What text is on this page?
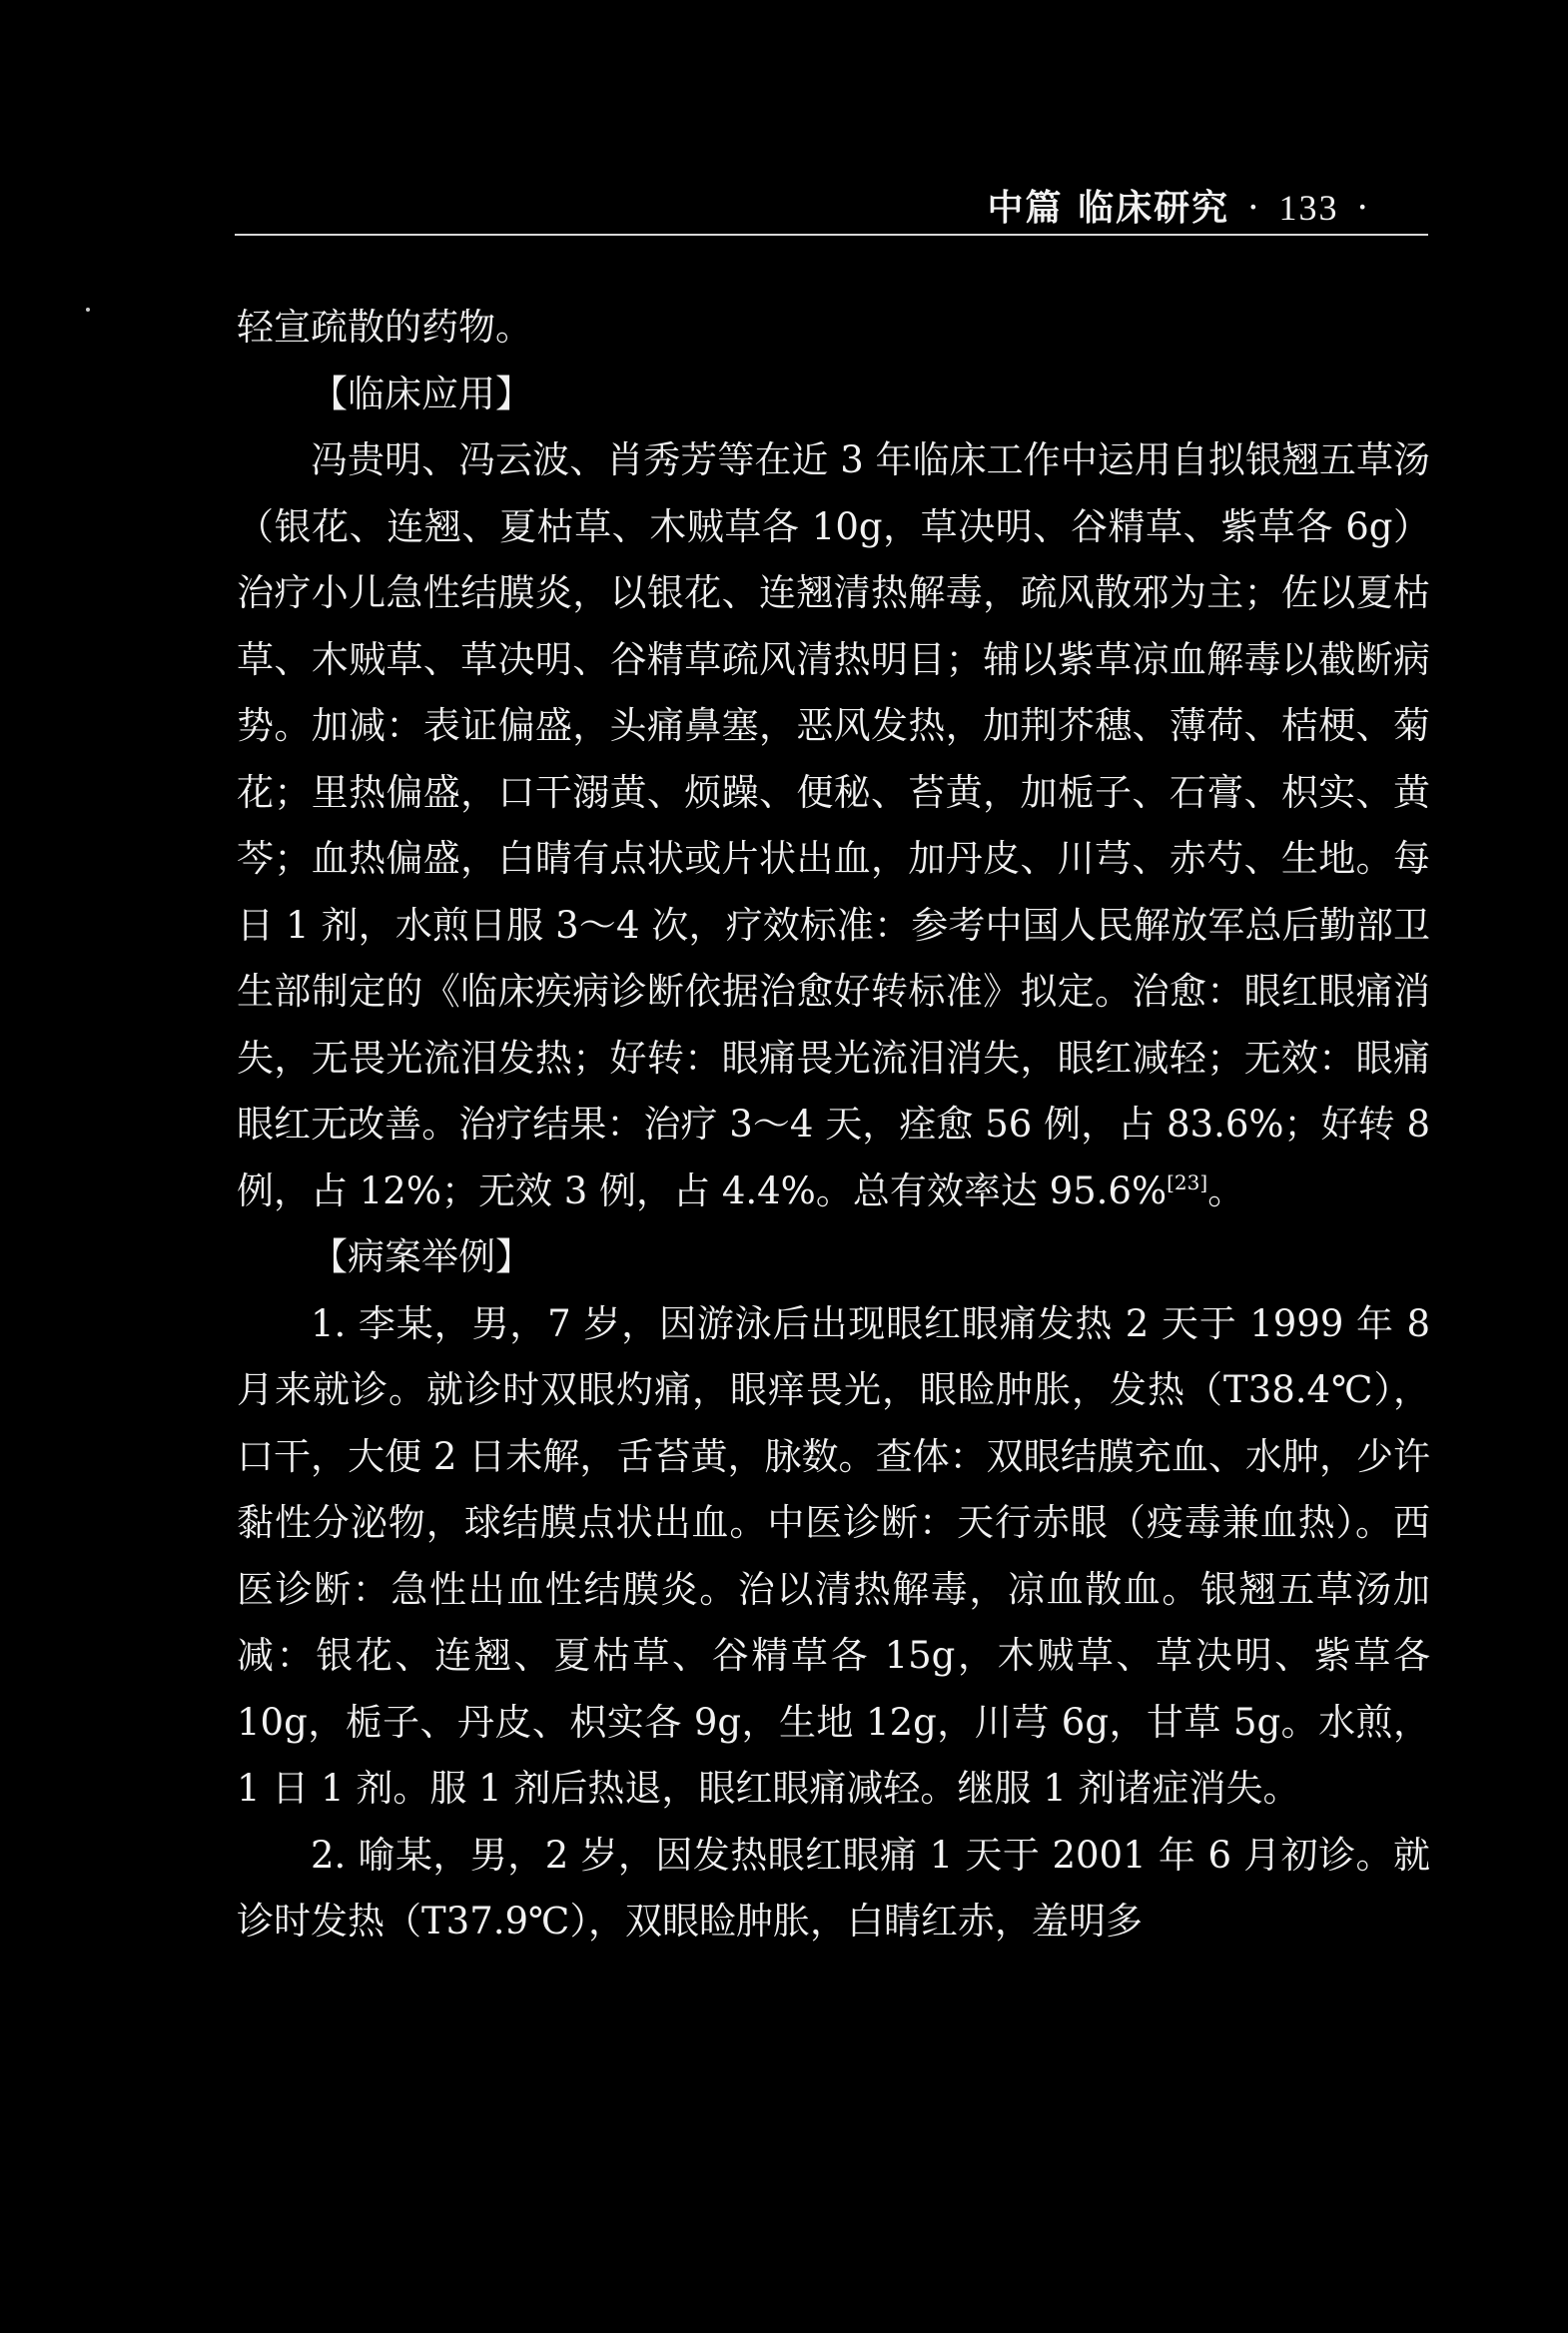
中篇 临床研究 · 133 ·

轻宣疏散的药物。

【临床应用】

冯贵明、冯云波、肖秀芳等在近 3 年临床工作中运用自拟银翘五草汤（银花、连翘、夏枯草、木贼草各 10g，草决明、谷精草、紫草各 6g）治疗小儿急性结膜炎，以银花、连翘清热解毒，疏风散邪为主；佐以夏枯草、木贼草、草决明、谷精草疏风清热明目；辅以紫草凉血解毒以截断病势。加减：表证偏盛，头痛鼻塞，恶风发热，加荆芥穗、薄荷、桔梗、菊花；里热偏盛，口干溺黄、烦躁、便秘、苔黄，加栀子、石膏、枳实、黄芩；血热偏盛，白睛有点状或片状出血，加丹皮、川芎、赤芍、生地。每日 1 剂，水煎日服 3～4 次，疗效标准：参考中国人民解放军总后勤部卫生部制定的《临床疾病诊断依据治愈好转标准》拟定。治愈：眼红眼痛消失，无畏光流泪发热；好转：眼痛畏光流泪消失，眼红减轻；无效：眼痛眼红无改善。治疗结果：治疗 3～4 天，痊愈 56 例，占 83.6%；好转 8 例，占 12%；无效 3 例，占 4.4%。总有效率达 95.6%[23]。

【病案举例】

1. 李某，男，7 岁，因游泳后出现眼红眼痛发热 2 天于 1999 年 8 月来就诊。就诊时双眼灼痛，眼痒畏光，眼睑肿胀，发热（T38.4℃），口干，大便 2 日未解，舌苔黄，脉数。查体：双眼结膜充血、水肿，少许黏性分泌物，球结膜点状出血。中医诊断：天行赤眼（疫毒兼血热）。西医诊断：急性出血性结膜炎。治以清热解毒，凉血散血。银翘五草汤加减：银花、连翘、夏枯草、谷精草各 15g，木贼草、草决明、紫草各 10g，栀子、丹皮、枳实各 9g，生地 12g，川芎 6g，甘草 5g。水煎，1 日 1 剂。服 1 剂后热退，眼红眼痛减轻。继服 1 剂诸症消失。

2. 喻某，男，2 岁，因发热眼红眼痛 1 天于 2001 年 6 月初诊。就诊时发热（T37.9℃），双眼睑肿胀，白睛红赤，羞明多
